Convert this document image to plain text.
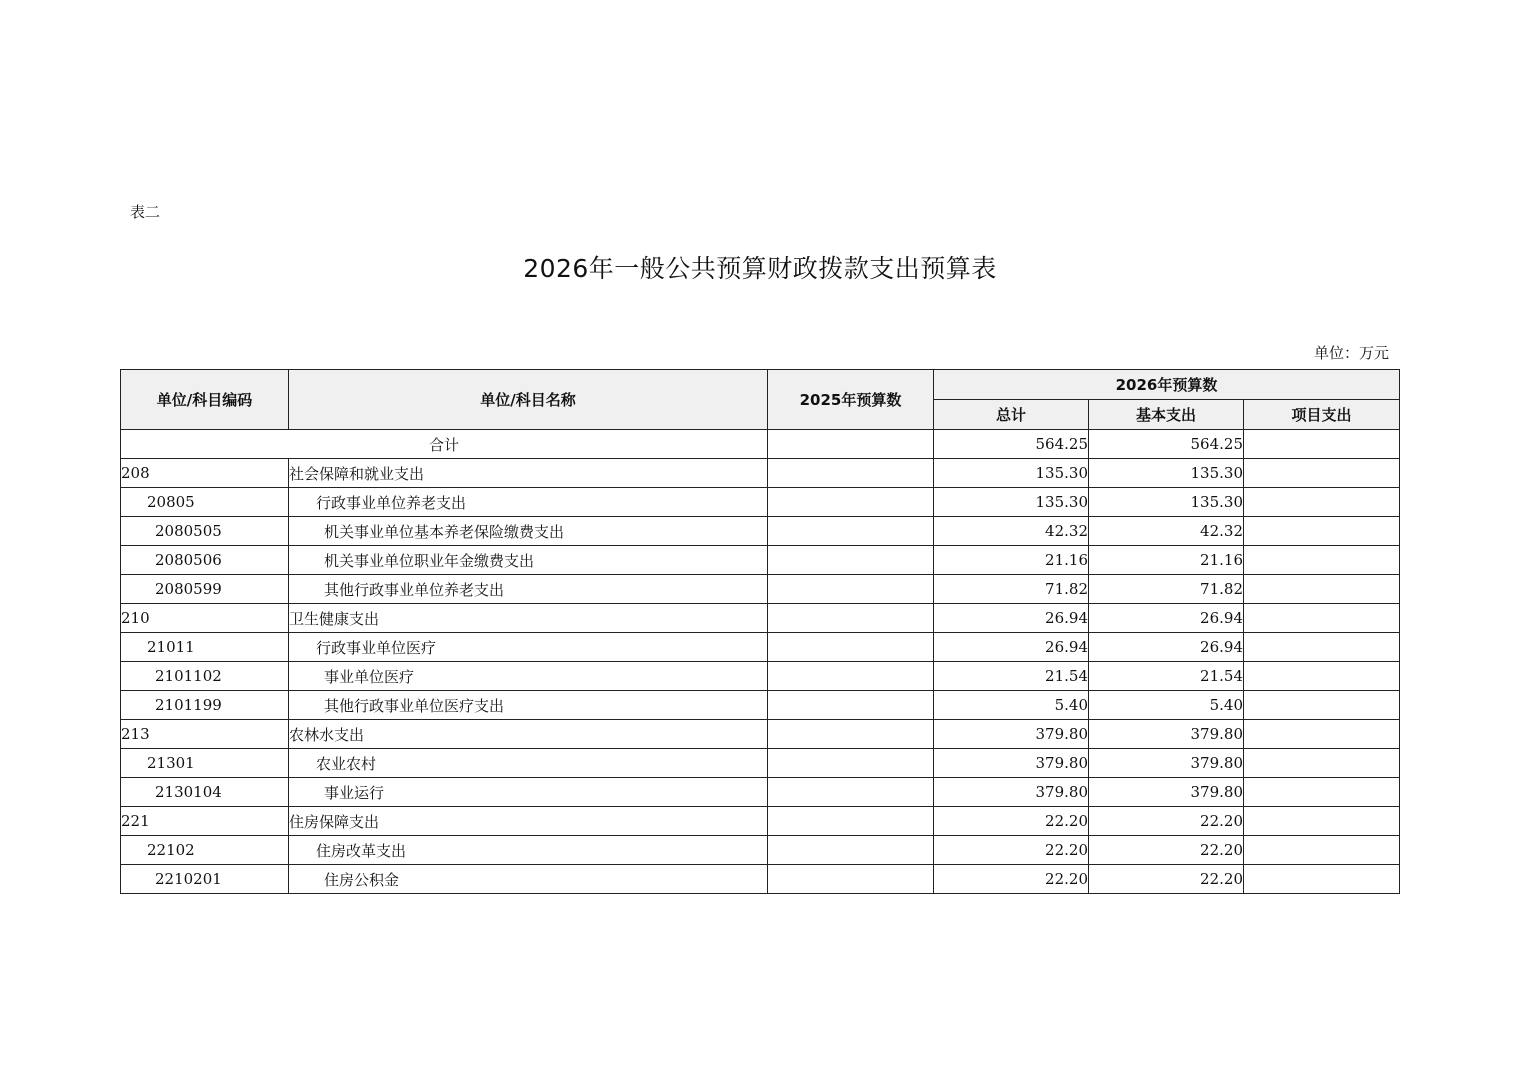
表二
2026年一般公共预算财政拨款支出预算表
单位：万元
单位/科目编码	单位/科目名称	2025年预算数	2026年预算数		
			总计	基本支出	项目支出
合计			564.25	564.25	
208	社会保障和就业支出		135.30	135.30	
20805	行政事业单位养老支出		135.30	135.30	
2080505	机关事业单位基本养老保险缴费支出		42.32	42.32	
2080506	机关事业单位职业年金缴费支出		21.16	21.16	
2080599	其他行政事业单位养老支出		71.82	71.82	
210	卫生健康支出		26.94	26.94	
21011	行政事业单位医疗		26.94	26.94	
2101102	事业单位医疗		21.54	21.54	
2101199	其他行政事业单位医疗支出		5.40	5.40	
213	农林水支出		379.80	379.80	
21301	农业农村		379.80	379.80	
2130104	事业运行		379.80	379.80	
221	住房保障支出		22.20	22.20	
22102	住房改革支出		22.20	22.20	
2210201	住房公积金		22.20	22.20	
